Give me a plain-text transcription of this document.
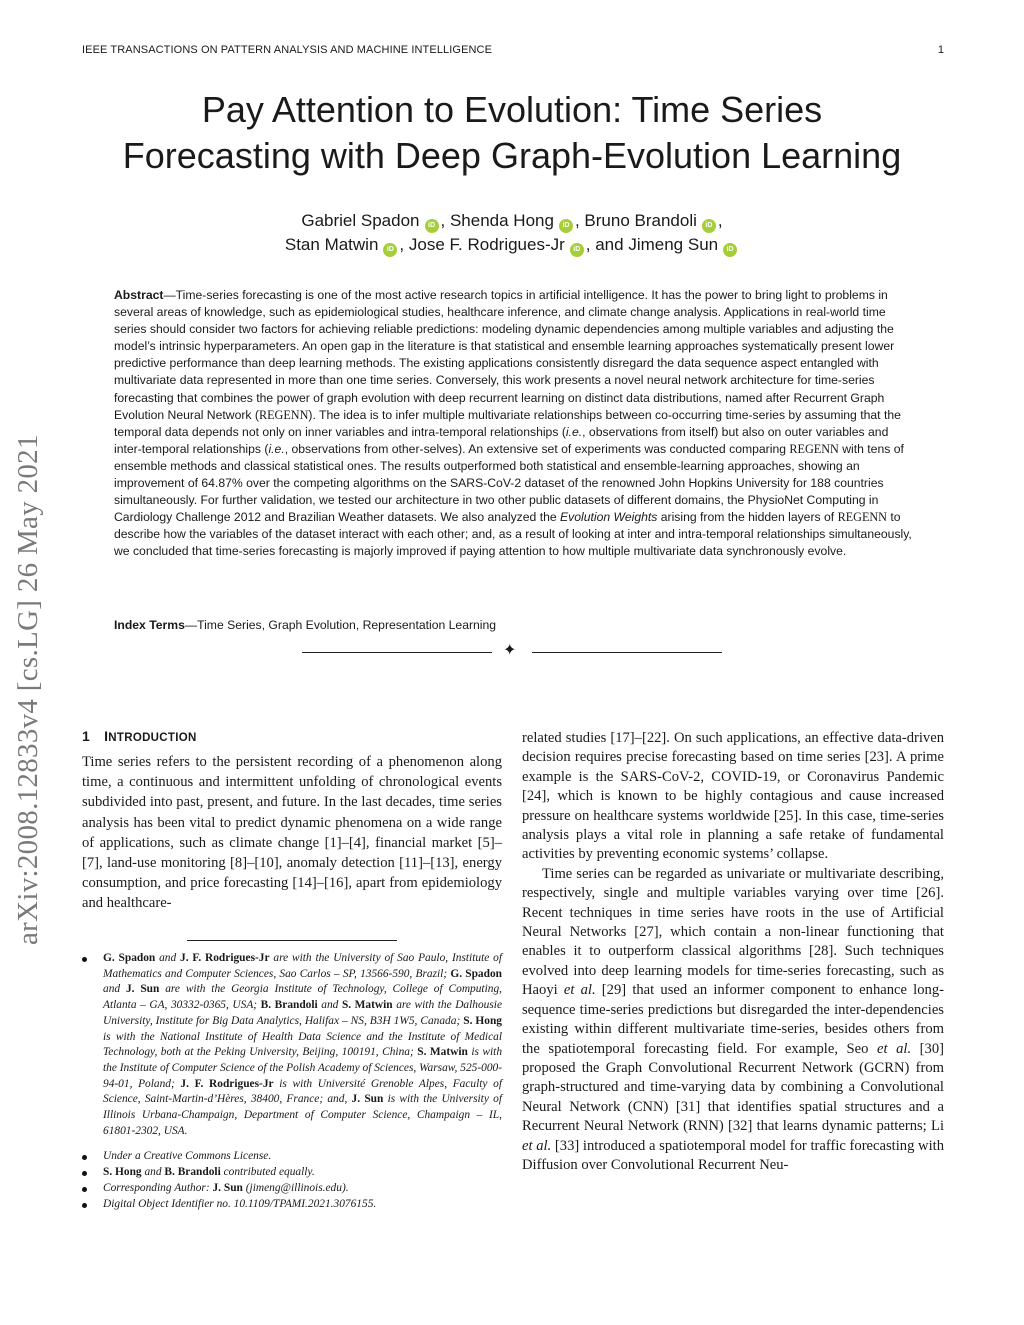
IEEE TRANSACTIONS ON PATTERN ANALYSIS AND MACHINE INTELLIGENCE	1
Pay Attention to Evolution: Time Series
Forecasting with Deep Graph-Evolution Learning
Gabriel Spadon iD , Shenda Hong iD , Bruno Brandoli iD ,
Stan Matwin iD , Jose F. Rodrigues-Jr iD , and Jimeng Sun iD
Abstract—Time-series forecasting is one of the most active research topics in artificial intelligence. It has the power to bring light to problems in several areas of knowledge, such as epidemiological studies, healthcare inference, and climate change analysis. Applications in real-world time series should consider two factors for achieving reliable predictions: modeling dynamic dependencies among multiple variables and adjusting the model’s intrinsic hyperparameters. An open gap in the literature is that statistical and ensemble learning approaches systematically present lower predictive performance than deep learning methods. The existing applications consistently disregard the data sequence aspect entangled with multivariate data represented in more than one time series. Conversely, this work presents a novel neural network architecture for time-series forecasting that combines the power of graph evolution with deep recurrent learning on distinct data distributions, named after Recurrent Graph Evolution Neural Network (REGENN). The idea is to infer multiple multivariate relationships between co-occurring time-series by assuming that the temporal data depends not only on inner variables and intra-temporal relationships (i.e., observations from itself) but also on outer variables and inter-temporal relationships (i.e., observations from other-selves). An extensive set of experiments was conducted comparing REGENN with tens of ensemble methods and classical statistical ones. The results outperformed both statistical and ensemble-learning approaches, showing an improvement of 64.87% over the competing algorithms on the SARS-CoV-2 dataset of the renowned John Hopkins University for 188 countries simultaneously. For further validation, we tested our architecture in two other public datasets of different domains, the PhysioNet Computing in Cardiology Challenge 2012 and Brazilian Weather datasets. We also analyzed the Evolution Weights arising from the hidden layers of REGENN to describe how the variables of the dataset interact with each other; and, as a result of looking at inter and intra-temporal relationships simultaneously, we concluded that time-series forecasting is majorly improved if paying attention to how multiple multivariate data synchronously evolve.
Index Terms—Time Series, Graph Evolution, Representation Learning
✦
arXiv:2008.12833v4 [cs.LG] 26 May 2021	1 INTRODUCTION

Time series refers to the persistent recording of a phenomenon along time, a continuous and intermittent unfolding of chronological events subdivided into past, present, and future. In the last decades, time series analysis has been vital to predict dynamic phenomena on a wide range of applications, such as climate change [1]–[4], financial market [5]–[7], land-use monitoring [8]–[10], anomaly detection [11]–[13], energy consumption, and price forecasting [14]–[16], apart from epidemiology and healthcare-

G. Spadon and J. F. Rodrigues-Jr are with the University of Sao Paulo, Institute of Mathematics and Computer Sciences, Sao Carlos – SP, 13566-590, Brazil; G. Spadon and J. Sun are with the Georgia Institute of Technology, College of Computing, Atlanta – GA, 30332-0365, USA; B. Brandoli and S. Matwin are with the Dalhousie University, Institute for Big Data Analytics, Halifax – NS, B3H 1W5, Canada; S. Hong is with the National Institute of Health Data Science and the Institute of Medical Technology, both at the Peking University, Beijing, 100191, China; S. Matwin is with the Institute of Computer Science of the Polish Academy of Sciences, Warsaw, 525-000-94-01, Poland; J. F. Rodrigues-Jr is with Université Grenoble Alpes, Faculty of Science, Saint-Martin-d’Hères, 38400, France; and, J. Sun is with the University of Illinois Urbana-Champaign, Department of Computer Science, Champaign – IL, 61801-2302, USA.
Under a Creative Commons License.
S. Hong and B. Brandoli contributed equally.
Corresponding Author: J. Sun (jimeng@illinois.edu).
Digital Object Identifier no. 10.1109/TPAMI.2021.3076155.

related studies [17]–[22]. On such applications, an effective data-driven decision requires precise forecasting based on time series [23]. A prime example is the SARS-CoV-2, COVID-19, or Coronavirus Pandemic [24], which is known to be highly contagious and cause increased pressure on healthcare systems worldwide [25]. In this case, time-series analysis plays a vital role in planning a safe retake of fundamental activities by preventing economic systems’ collapse.

Time series can be regarded as univariate or multivariate describing, respectively, single and multiple variables varying over time [26]. Recent techniques in time series have roots in the use of Artificial Neural Networks [27], which contain a non-linear functioning that enables it to outperform classical algorithms [28]. Such techniques evolved into deep learning models for time-series forecasting, such as Haoyi et al. [29] that used an informer component to enhance long-sequence time-series predictions but disregarded the inter-dependencies existing within different multivariate time-series, besides others from the spatiotemporal forecasting field. For example, Seo et al. [30] proposed the Graph Convolutional Recurrent Network (GCRN) from graph-structured and time-varying data by combining a Convolutional Neural Network (CNN) [31] that identifies spatial structures and a Recurrent Neural Network (RNN) [32] that learns dynamic patterns; Li et al. [33] introduced a spatiotemporal model for traffic forecasting with Diffusion over Convolutional Recurrent Neu-
